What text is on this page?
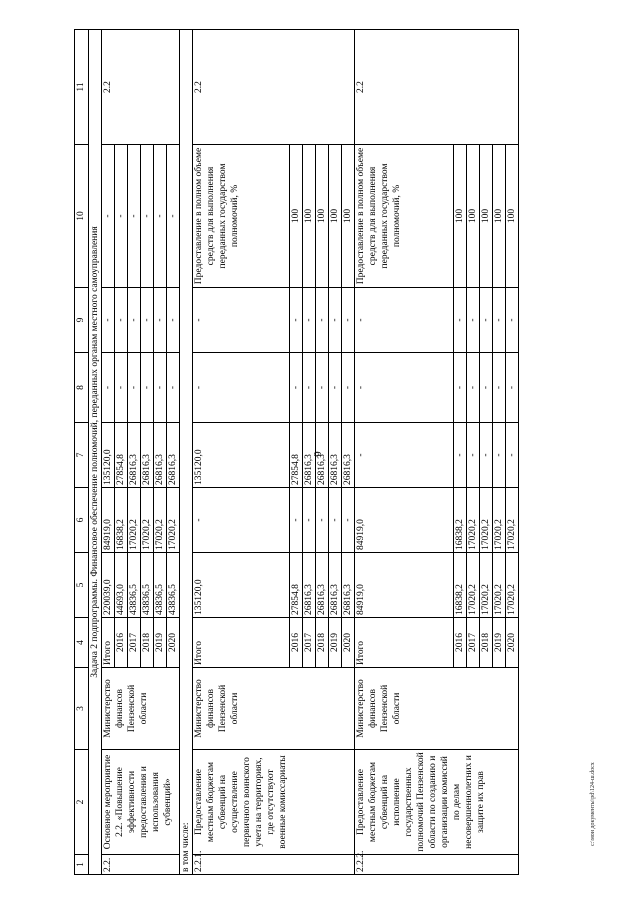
6
1	2	3	4	5	6	7	8	9	10	11
Задача 2 подпрограммы. Финансовое обеспечение полномочий, переданных органам местного самоуправления										
2.2.	Основное мероприятие 2.2. «Повышение эффективности предоставления и использования субвенций»	Министерство финансов Пензенской области	Итого	220039,0	84919,0	135120,0	-	-	-	2.2
			2016	44693,0	16838,2	27854,8	-	-	-	
			2017	43836,5	17020,2	26816,3	-	-	-	
			2018	43836,5	17020,2	26816,3	-	-	-	
			2019	43836,5	17020,2	26816,3	-	-	-	
			2020	43836,5	17020,2	26816,3	-	-	-	
в том числе:										
2.2.1.	Предоставление местным бюджетам субвенций на осуществление первичного воинского учета на территориях, где отсутствуют военные комиссариаты	Министерство финансов Пензенской области	Итого	135120,0	-	135120,0	-	-	Предоставление в полном объеме средств для выполнения переданных государством полномочий, %	2.2
			2016	27854,8	-	27854,8	-	-	100	
			2017	26816,3	-	26816,3	-	-	100	
			2018	26816,3	-	26816,3	-	-	100	
			2019	26816,3	-	26816,3	-	-	100	
			2020	26816,3	-	26816,3	-	-	100	
2.2.2.	Предоставление местным бюджетам субвенций на исполнение государственных полномочий Пензенской области по созданию и организации комиссий по делам несовершеннолетних и защите их прав	Министерство финансов Пензенской области	Итого	84919,0	84919,0	-	-	-	Предоставление в полном объеме средств для выполнения переданных государством полномочий, %	2.2
			2016	16838,2	16838,2	-	-	-	100	
			2017	17020,2	17020,2	-	-	-	100	
			2018	17020,2	17020,2	-	-	-	100	
			2019	17020,2	17020,2	-	-	-	100	
			2020	17020,2	17020,2	-	-	-	100	
c:\мои документы\pd\124-ш.docx
